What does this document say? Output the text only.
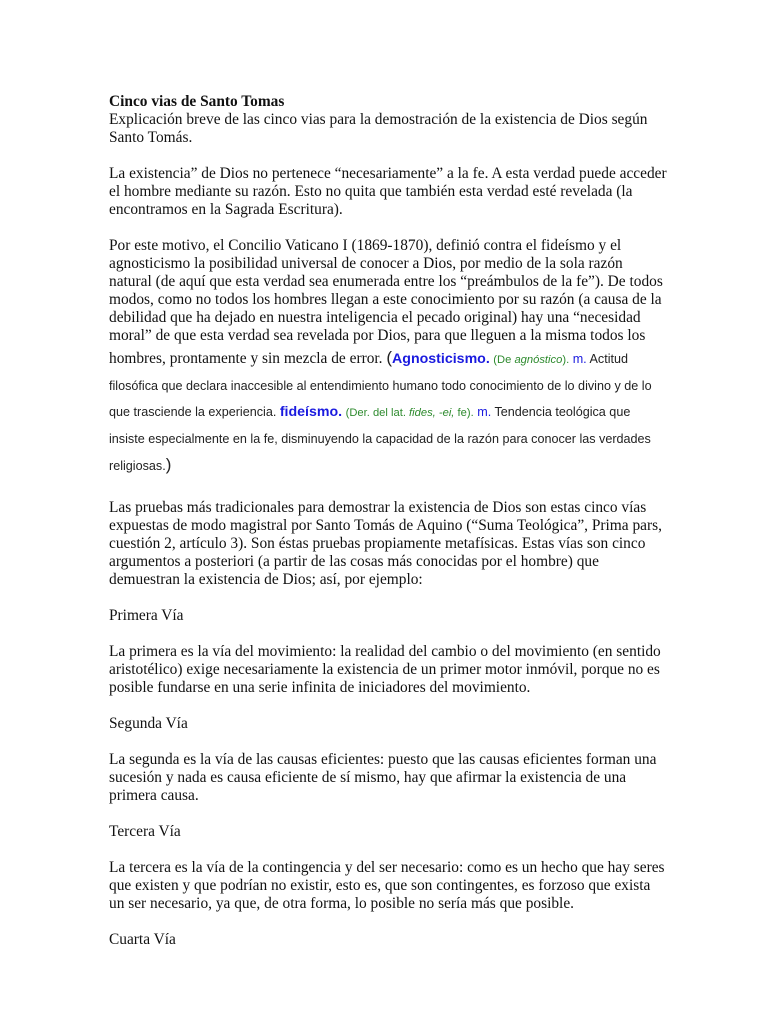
Cinco vias de Santo Tomas

Explicación breve de las cinco vias para la demostración de la existencia de Dios según Santo Tomás.

La existencia” de Dios no pertenece “necesariamente” a la fe. A esta verdad puede acceder el hombre mediante su razón. Esto no quita que también esta verdad esté revelada (la encontramos en la Sagrada Escritura).

Por este motivo, el Concilio Vaticano I (1869-1870), definió contra el fideísmo y el agnosticismo la posibilidad universal de conocer a Dios, por medio de la sola razón natural (de aquí que esta verdad sea enumerada entre los “preámbulos de la fe”). De todos modos, como no todos los hombres llegan a este conocimiento por su razón (a causa de la debilidad que ha dejado en nuestra inteligencia el pecado original) hay una “necesidad moral” de que esta verdad sea revelada por Dios, para que lleguen a la misma todos los hombres, prontamente y sin mezcla de error. (Agnosticismo. (De agnóstico). m. Actitud filosófica que declara inaccesible al entendimiento humano todo conocimiento de lo divino y de lo que trasciende la experiencia. fideísmo. (Der. del lat. fides, -ei, fe). m. Tendencia teológica que insiste especialmente en la fe, disminuyendo la capacidad de la razón para conocer las verdades religiosas.)

Las pruebas más tradicionales para demostrar la existencia de Dios son estas cinco vías expuestas de modo magistral por Santo Tomás de Aquino (“Suma Teológica”, Prima pars, cuestión 2, artículo 3). Son éstas pruebas propiamente metafísicas. Estas vías son cinco argumentos a posteriori (a partir de las cosas más conocidas por el hombre) que demuestran la existencia de Dios; así, por ejemplo:

Primera Vía

La primera es la vía del movimiento: la realidad del cambio o del movimiento (en sentido aristotélico) exige necesariamente la existencia de un primer motor inmóvil, porque no es posible fundarse en una serie infinita de iniciadores del movimiento.

Segunda Vía

La segunda es la vía de las causas eficientes: puesto que las causas eficientes forman una sucesión y nada es causa eficiente de sí mismo, hay que afirmar la existencia de una primera causa.

Tercera Vía

La tercera es la vía de la contingencia y del ser necesario: como es un hecho que hay seres que existen y que podrían no existir, esto es, que son contingentes, es forzoso que exista un ser necesario, ya que, de otra forma, lo posible no sería más que posible.

Cuarta Vía
